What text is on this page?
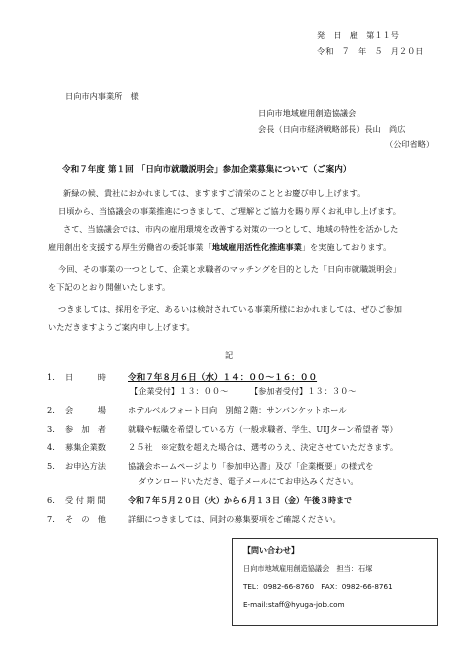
発　日　雇　第１１号
令和　７　年　５　月２０日
日向市内事業所　様
日向市地域雇用創造協議会
会長（日向市経済戦略部長）長山　尚広
（公印省略）
令和７年度 第１回 「日向市就職説明会」参加企業募集について（ご案内）
新緑の候、貴社におかれましては、ますますご清栄のこととお慶び申し上げます。
日頃から、当協議会の事業推進につきまして、ご理解とご協力を賜り厚くお礼申し上げます。
さて、当協議会では、市内の雇用環境を改善する対策の一つとして、地域の特性を活かした
雇用創出を支援する厚生労働省の委託事業「地域雇用活性化推進事業」を実施しております。
今回、その事業の一つとして、企業と求職者のマッチングを目的とした「日向市就職説明会」
を下記のとおり開催いたします。
つきましては、採用を予定、あるいは検討されている事業所様におかれましては、ぜひご参加
いただきますようご案内申し上げます。
記
1. 日　　　時	令和７年８月６日（水）１４：００～１６：００
【企業受付】１３：００～	【参加者受付】１３：３０～
2. 会　　　場	ホテルベルフォート日向　別館２階：サンバンケットホール
3. 参　加　者	就職や転職を希望している方（一般求職者、学生、UIJターン希望者 等）
4. 募集企業数	２５社　※定数を超えた場合は、選考のうえ、決定させていただきます。
5. お申込方法	協議会ホームページより「参加申込書」及び「企業概要」の様式を
ダウンロードいただき、電子メールにてお申込みください。
6. 受 付 期 間	令和７年５月２０日（火）から６月１３日（金）午後３時まで
7. そ　の　他	詳細につきましては、同封の募集要項をご確認ください。
【問い合わせ】
日向市地域雇用創造協議会　担当：石塚
TEL：0982-66-8760　FAX：0982-66-8761
E-mail:staff@hyuga-job.com
